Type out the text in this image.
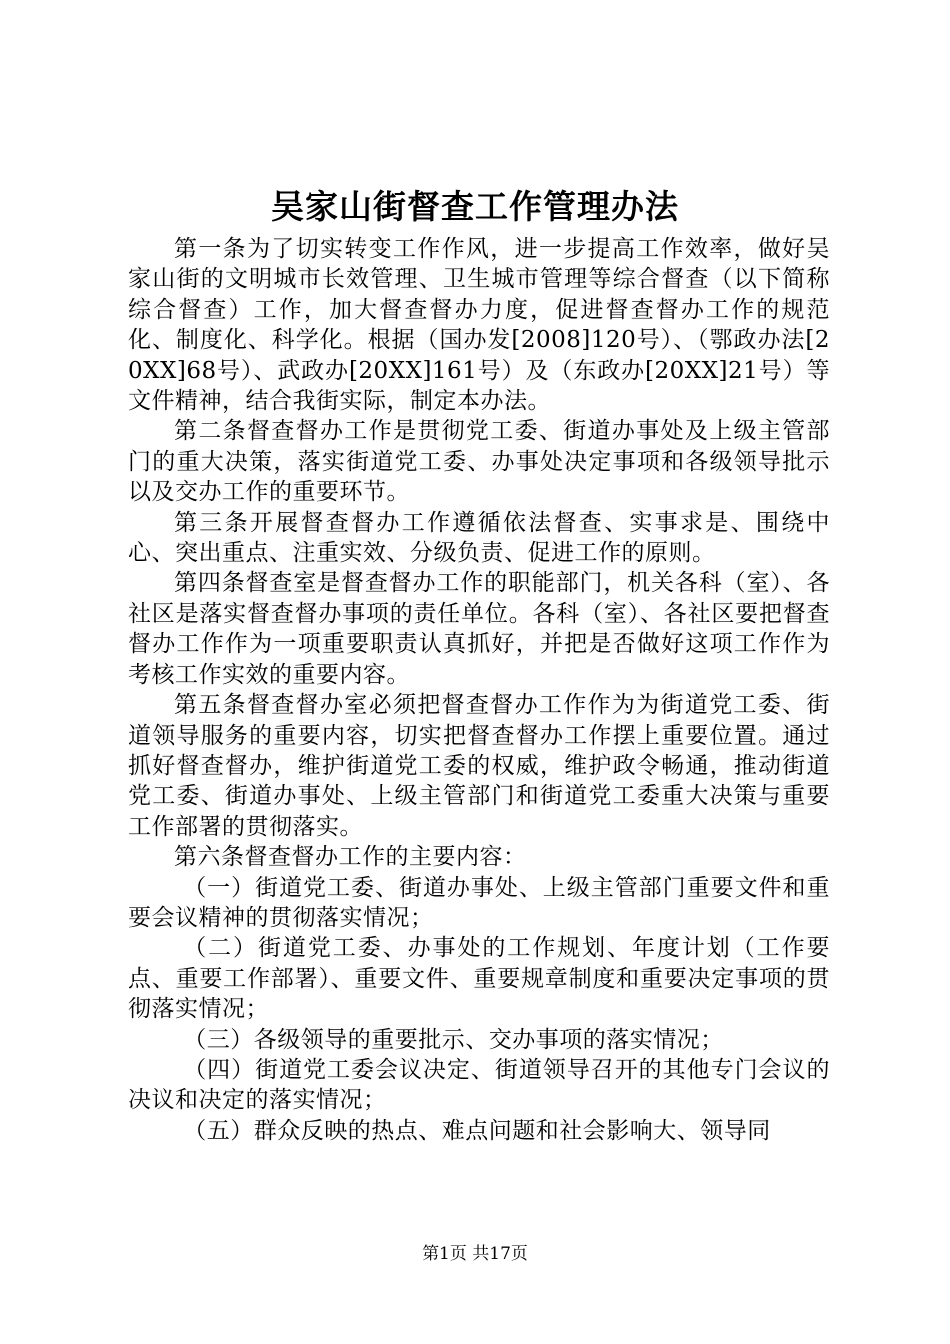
吴家山街督查工作管理办法

第一条为了切实转变工作作风，进一步提高工作效率，做好吴家山街的文明城市长效管理、卫生城市管理等综合督查（以下简称综合督查）工作，加大督查督办力度，促进督查督办工作的规范化、制度化、科学化。根据（国办发[2008]120号）、（鄂政办法[20XX]68号）、武政办[20XX]161号）及（东政办[20XX]21号）等文件精神，结合我街实际，制定本办法。

第二条督查督办工作是贯彻党工委、街道办事处及上级主管部门的重大决策，落实街道党工委、办事处决定事项和各级领导批示以及交办工作的重要环节。

第三条开展督查督办工作遵循依法督查、实事求是、围绕中心、突出重点、注重实效、分级负责、促进工作的原则。

第四条督查室是督查督办工作的职能部门，机关各科（室）、各社区是落实督查督办事项的责任单位。各科（室）、各社区要把督查督办工作作为一项重要职责认真抓好，并把是否做好这项工作作为考核工作实效的重要内容。

第五条督查督办室必须把督查督办工作作为为街道党工委、街道领导服务的重要内容，切实把督查督办工作摆上重要位置。通过抓好督查督办，维护街道党工委的权威，维护政令畅通，推动街道党工委、街道办事处、上级主管部门和街道党工委重大决策与重要工作部署的贯彻落实。

第六条督查督办工作的主要内容：

（一）街道党工委、街道办事处、上级主管部门重要文件和重要会议精神的贯彻落实情况；

（二）街道党工委、办事处的工作规划、年度计划（工作要点、重要工作部署）、重要文件、重要规章制度和重要决定事项的贯彻落实情况；

（三）各级领导的重要批示、交办事项的落实情况；

（四）街道党工委会议决定、街道领导召开的其他专门会议的决议和决定的落实情况；

（五）群众反映的热点、难点问题和社会影响大、领导同

第1页 共17页
